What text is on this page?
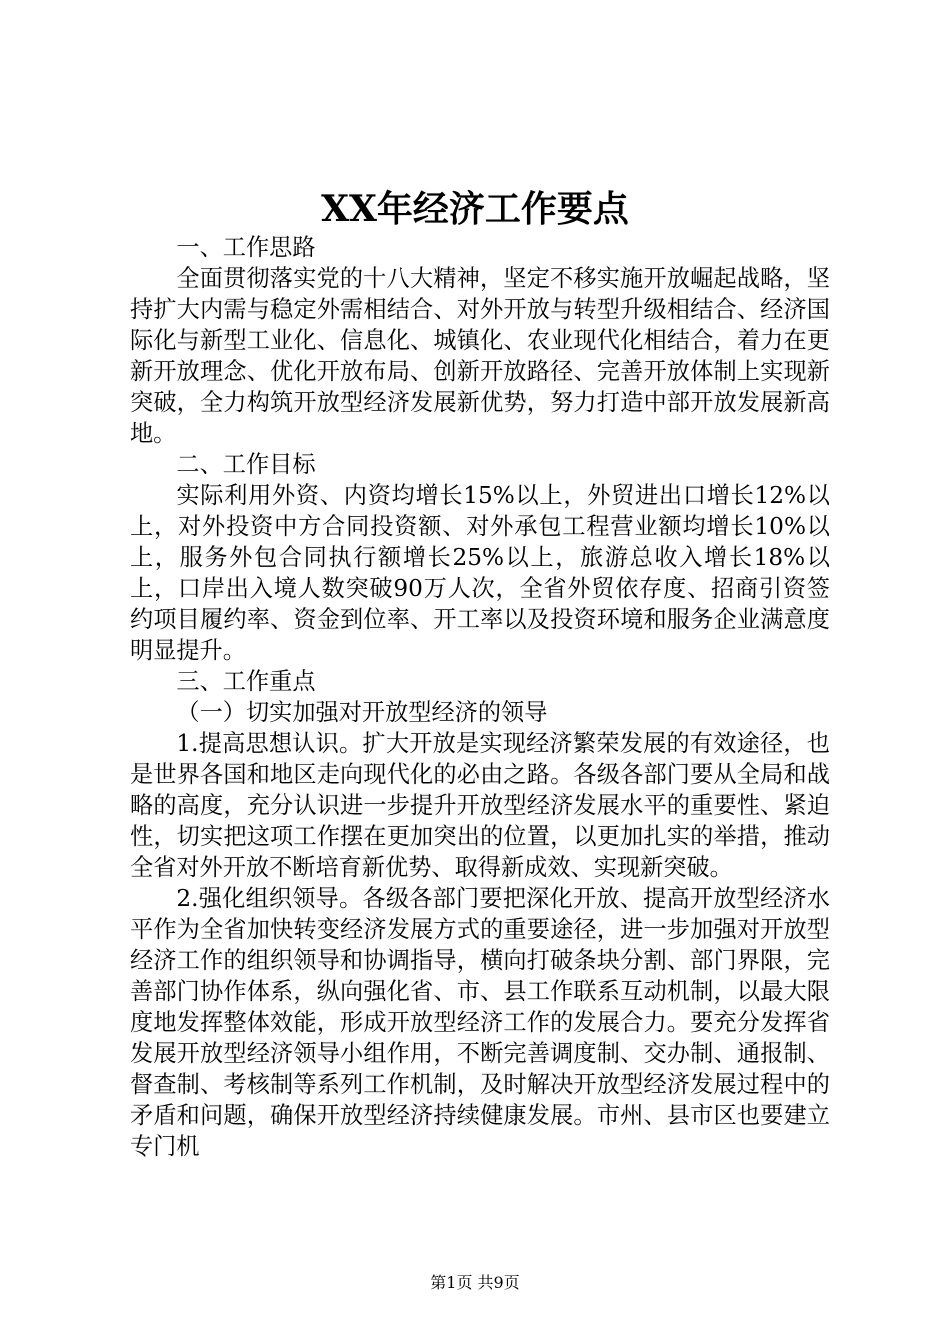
XX年经济工作要点

一、工作思路

全面贯彻落实党的十八大精神，坚定不移实施开放崛起战略，坚持扩大内需与稳定外需相结合、对外开放与转型升级相结合、经济国际化与新型工业化、信息化、城镇化、农业现代化相结合，着力在更新开放理念、优化开放布局、创新开放路径、完善开放体制上实现新突破，全力构筑开放型经济发展新优势，努力打造中部开放发展新高地。

二、工作目标

实际利用外资、内资均增长15%以上，外贸进出口增长12%以上，对外投资中方合同投资额、对外承包工程营业额均增长10%以上，服务外包合同执行额增长25%以上，旅游总收入增长18%以上，口岸出入境人数突破90万人次，全省外贸依存度、招商引资签约项目履约率、资金到位率、开工率以及投资环境和服务企业满意度明显提升。

三、工作重点

（一）切实加强对开放型经济的领导

1.提高思想认识。扩大开放是实现经济繁荣发展的有效途径，也是世界各国和地区走向现代化的必由之路。各级各部门要从全局和战略的高度，充分认识进一步提升开放型经济发展水平的重要性、紧迫性，切实把这项工作摆在更加突出的位置，以更加扎实的举措，推动全省对外开放不断培育新优势、取得新成效、实现新突破。

2.强化组织领导。各级各部门要把深化开放、提高开放型经济水平作为全省加快转变经济发展方式的重要途径，进一步加强对开放型经济工作的组织领导和协调指导，横向打破条块分割、部门界限，完善部门协作体系，纵向强化省、市、县工作联系互动机制，以最大限度地发挥整体效能，形成开放型经济工作的发展合力。要充分发挥省发展开放型经济领导小组作用，不断完善调度制、交办制、通报制、督查制、考核制等系列工作机制，及时解决开放型经济发展过程中的矛盾和问题，确保开放型经济持续健康发展。市州、县市区也要建立专门机

第1页 共9页
